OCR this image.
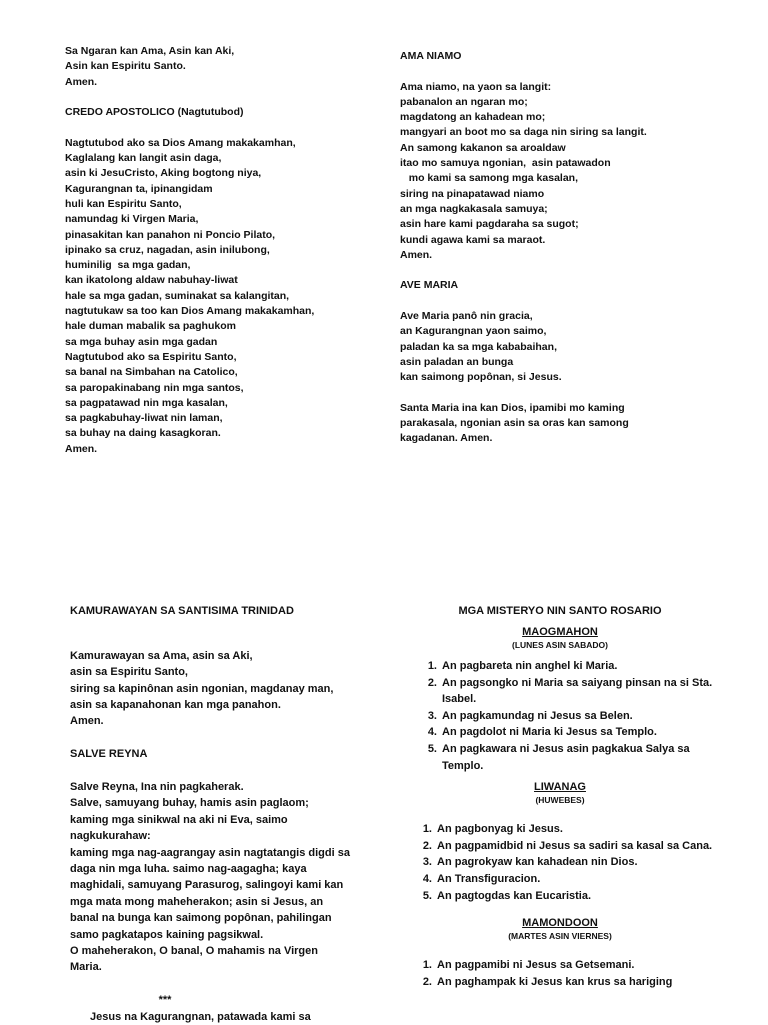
Sa Ngaran kan Ama, Asin kan Aki,
Asin kan Espiritu Santo.
Amen.
CREDO APOSTOLICO (Nagtutubod)
Nagtutubod ako sa Dios Amang makakamhan,
Kaglalang kan langit asin daga,
asin ki JesuCristo, Aking bogtong niya,
Kagurangnan ta, ipinangidam
huli kan Espiritu Santo,
namundag ki Virgen Maria,
pinasakitan kan panahon ni Poncio Pilato,
ipinako sa cruz, nagadan, asin inilubong,
huminilig  sa mga gadan,
kan ikatolong aldaw nabuhay-liwat
hale sa mga gadan, suminakat sa kalangitan,
nagtutukaw sa too kan Dios Amang makakamhan,
hale duman mabalik sa paghukom
sa mga buhay asin mga gadan
Nagtutubod ako sa Espiritu Santo,
sa banal na Simbahan na Catolico,
sa paropakinabang nin mga santos,
sa pagpatawad nin mga kasalan,
sa pagkabuhay-liwat nin laman,
sa buhay na daing kasagkoran.
Amen.
AMA NIAMO
Ama niamo, na yaon sa langit:
pabanalon an ngaran mo;
magdatong an kahadean mo;
mangyari an boot mo sa daga nin siring sa langit.
An samong kakanon sa aroaldaw
itao mo samuya ngonian,  asin patawadon
mo kami sa samong mga kasalan,
siring na pinapatawad niamo
an mga nagkakasala samuya;
asin hare kami pagdaraha sa sugot;
kundi agawa kami sa maraot.
Amen.
AVE MARIA
Ave Maria panô nin gracia,
an Kagurangnan yaon saimo,
paladan ka sa mga kababaihan,
asin paladan an bunga
kan saimong popônan, si Jesus.
Santa Maria ina kan Dios, ipamibi mo kaming
parakasala, ngonian asin sa oras kan samong
kagadanan. Amen.
KAMURAWAYAN SA SANTISIMA TRINIDAD
Kamurawayan sa Ama, asin sa Aki,
asin sa Espiritu Santo,
siring sa kapinônan asin ngonian, magdanay man,
asin sa kapanahonan kan mga panahon.
Amen.
SALVE REYNA
Salve Reyna, Ina nin pagkaherak.
Salve, samuyang buhay, hamis asin paglaom;
kaming mga sinikwal na aki ni Eva, saimo
nagkukurahaw:
kaming mga nag-aagrangay asin nagtatangis digdi sa
daga nin mga luha. saimo nag-aagagha; kaya
maghidali, samuyang Parasurog, salingoyi kami kan
mga mata mong maheherakon; asin si Jesus, an
banal na bunga kan saimong popônan, pahilingan
samo pagkatapos kaining pagsikwal.
O maheherakon, O banal, O mahamis na Virgen
Maria.
***
Jesus na Kagurangnan, patawada kami sa
MGA MISTERYO NIN SANTO ROSARIO
MAOGMAHON
(LUNES ASIN SABADO)
1. An pagbareta nin anghel ki Maria.
2. An pagsongko ni Maria sa saiyang pinsan na si Sta. Isabel.
3. An pagkamundag ni Jesus sa Belen.
4. An pagdolot ni Maria ki Jesus sa Templo.
5. An pagkawara ni Jesus asin pagkakua Salya sa Templo.
LIWANAG
(HUWEBES)
1. An pagbonyag ki Jesus.
2. An pagpamidbid ni Jesus sa sadiri sa kasal sa Cana.
3. An pagrokyaw kan kahadean nin Dios.
4. An Transfiguracion.
5. An pagtogdas kan Eucaristia.
MAMONDOON
(MARTES ASIN VIERNES)
1. An pagpamibi ni Jesus sa Getsemani.
2. An paghampak ki Jesus kan krus sa hariging
